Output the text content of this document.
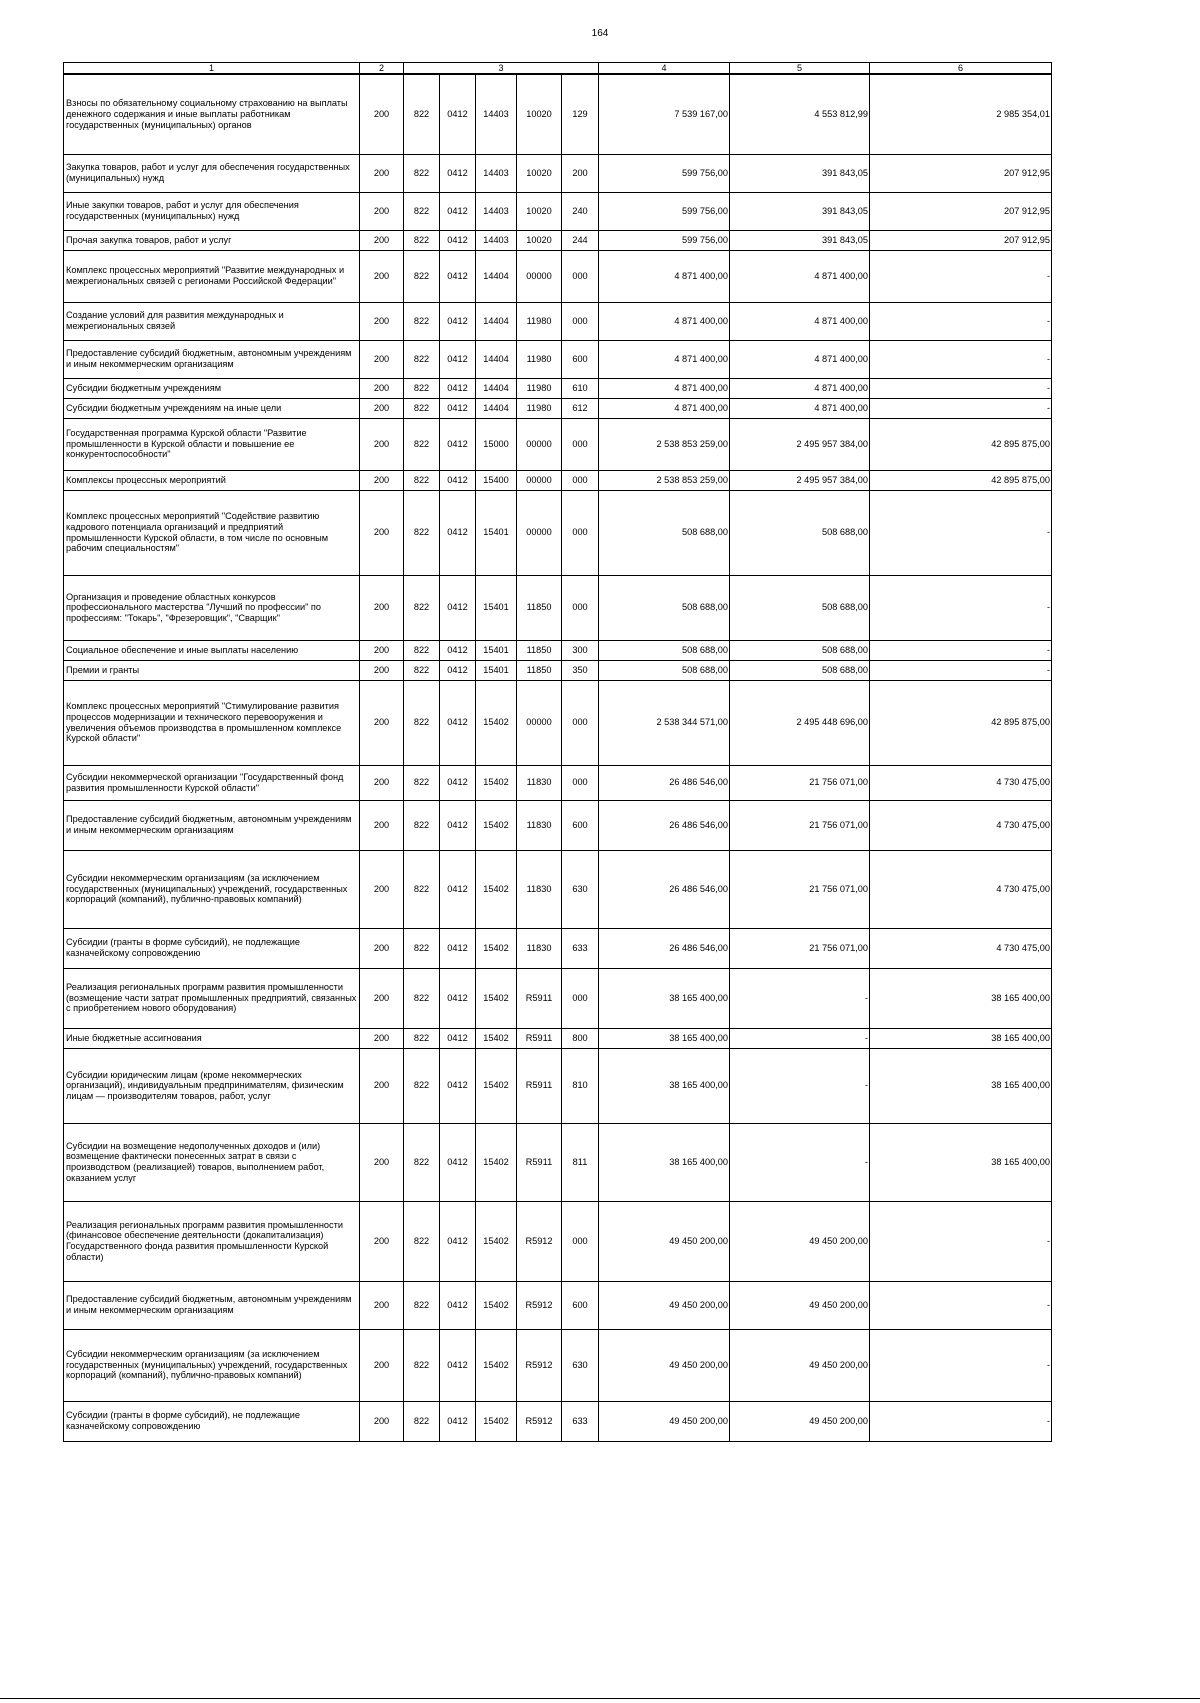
164
1	2	3					4	5	6
Взносы по обязательному социальному страхованию на выплаты денежного содержания и иные выплаты работникам государственных (муниципальных) органов	200	822	0412	14403	10020	129	7 539 167,00	4 553 812,99	2 985 354,01
Закупка товаров, работ и услуг для обеспечения государственных (муниципальных) нужд	200	822	0412	14403	10020	200	599 756,00	391 843,05	207 912,95
Иные закупки товаров, работ и услуг для обеспечения государственных (муниципальных) нужд	200	822	0412	14403	10020	240	599 756,00	391 843,05	207 912,95
Прочая закупка товаров, работ и услуг	200	822	0412	14403	10020	244	599 756,00	391 843,05	207 912,95
Комплекс процессных мероприятий "Развитие международных и межрегиональных связей с регионами Российской Федерации"	200	822	0412	14404	00000	000	4 871 400,00	4 871 400,00	-
Создание условий для развития международных и межрегиональных связей	200	822	0412	14404	11980	000	4 871 400,00	4 871 400,00	-
Предоставление субсидий бюджетным, автономным учреждениям и иным некоммерческим организациям	200	822	0412	14404	11980	600	4 871 400,00	4 871 400,00	-
Субсидии бюджетным учреждениям	200	822	0412	14404	11980	610	4 871 400,00	4 871 400,00	-
Субсидии бюджетным учреждениям на иные цели	200	822	0412	14404	11980	612	4 871 400,00	4 871 400,00	-
Государственная программа Курской области "Развитие промышленности в Курской области и повышение ее конкурентоспособности"	200	822	0412	15000	00000	000	2 538 853 259,00	2 495 957 384,00	42 895 875,00
Комплексы процессных мероприятий	200	822	0412	15400	00000	000	2 538 853 259,00	2 495 957 384,00	42 895 875,00
Комплекс процессных мероприятий "Содействие развитию кадрового потенциала организаций и предприятий промышленности Курской области, в том числе по основным рабочим специальностям"	200	822	0412	15401	00000	000	508 688,00	508 688,00	-
Организация и проведение областных конкурсов профессионального мастерства "Лучший по профессии" по профессиям: "Токарь", "Фрезеровщик", "Сварщик"	200	822	0412	15401	11850	000	508 688,00	508 688,00	-
Социальное обеспечение и иные выплаты населению	200	822	0412	15401	11850	300	508 688,00	508 688,00	-
Премии и гранты	200	822	0412	15401	11850	350	508 688,00	508 688,00	-
Комплекс процессных мероприятий "Стимулирование развития процессов модернизации и технического перевооружения и увеличения объемов производства в промышленном комплексе Курской области"	200	822	0412	15402	00000	000	2 538 344 571,00	2 495 448 696,00	42 895 875,00
Субсидии некоммерческой организации "Государственный фонд развития промышленности Курской области"	200	822	0412	15402	11830	000	26 486 546,00	21 756 071,00	4 730 475,00
Предоставление субсидий бюджетным, автономным учреждениям и иным некоммерческим организациям	200	822	0412	15402	11830	600	26 486 546,00	21 756 071,00	4 730 475,00
Субсидии некоммерческим организациям (за исключением государственных (муниципальных) учреждений, государственных корпораций (компаний), публично-правовых компаний)	200	822	0412	15402	11830	630	26 486 546,00	21 756 071,00	4 730 475,00
Субсидии (гранты в форме субсидий), не подлежащие казначейскому сопровождению	200	822	0412	15402	11830	633	26 486 546,00	21 756 071,00	4 730 475,00
Реализация региональных программ развития промышленности (возмещение части затрат промышленных предприятий, связанных с приобретением нового оборудования)	200	822	0412	15402	R5911	000	38 165 400,00	-	38 165 400,00
Иные бюджетные ассигнования	200	822	0412	15402	R5911	800	38 165 400,00	-	38 165 400,00
Субсидии юридическим лицам (кроме некоммерческих организаций), индивидуальным предпринимателям, физическим лицам — производителям товаров, работ, услуг	200	822	0412	15402	R5911	810	38 165 400,00	-	38 165 400,00
Субсидии на возмещение недополученных доходов и (или) возмещение фактически понесенных затрат в связи с производством (реализацией) товаров, выполнением работ, оказанием услуг	200	822	0412	15402	R5911	811	38 165 400,00	-	38 165 400,00
Реализация региональных программ развития промышленности (финансовое обеспечение деятельности (докапитализация) Государственного фонда развития промышленности Курской области)	200	822	0412	15402	R5912	000	49 450 200,00	49 450 200,00	-
Предоставление субсидий бюджетным, автономным учреждениям и иным некоммерческим организациям	200	822	0412	15402	R5912	600	49 450 200,00	49 450 200,00	-
Субсидии некоммерческим организациям (за исключением государственных (муниципальных) учреждений, государственных корпораций (компаний), публично-правовых компаний)	200	822	0412	15402	R5912	630	49 450 200,00	49 450 200,00	-
Субсидии (гранты в форме субсидий), не подлежащие казначейскому сопровождению	200	822	0412	15402	R5912	633	49 450 200,00	49 450 200,00	-
